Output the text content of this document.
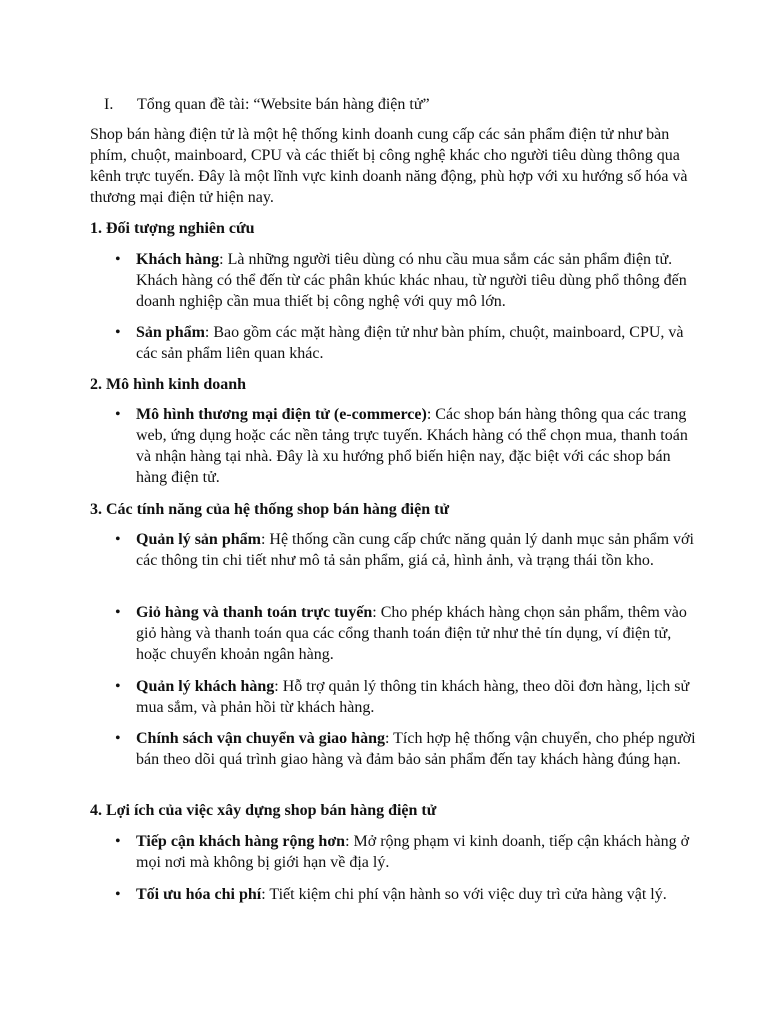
I. Tổng quan đề tài: “Website bán hàng điện tử”

Shop bán hàng điện tử là một hệ thống kinh doanh cung cấp các sản phẩm điện tử như bàn phím, chuột, mainboard, CPU và các thiết bị công nghệ khác cho người tiêu dùng thông qua kênh trực tuyến. Đây là một lĩnh vực kinh doanh năng động, phù hợp với xu hướng số hóa và thương mại điện tử hiện nay.

1. Đối tượng nghiên cứu

• Khách hàng: Là những người tiêu dùng có nhu cầu mua sắm các sản phẩm điện tử. Khách hàng có thể đến từ các phân khúc khác nhau, từ người tiêu dùng phổ thông đến doanh nghiệp cần mua thiết bị công nghệ với quy mô lớn.

• Sản phẩm: Bao gồm các mặt hàng điện tử như bàn phím, chuột, mainboard, CPU, và các sản phẩm liên quan khác.

2. Mô hình kinh doanh

• Mô hình thương mại điện tử (e-commerce): Các shop bán hàng thông qua các trang web, ứng dụng hoặc các nền tảng trực tuyến. Khách hàng có thể chọn mua, thanh toán và nhận hàng tại nhà. Đây là xu hướng phổ biến hiện nay, đặc biệt với các shop bán hàng điện tử.

3. Các tính năng của hệ thống shop bán hàng điện tử

• Quản lý sản phẩm: Hệ thống cần cung cấp chức năng quản lý danh mục sản phẩm với các thông tin chi tiết như mô tả sản phẩm, giá cả, hình ảnh, và trạng thái tồn kho.

• Giỏ hàng và thanh toán trực tuyến: Cho phép khách hàng chọn sản phẩm, thêm vào giỏ hàng và thanh toán qua các cổng thanh toán điện tử như thẻ tín dụng, ví điện tử, hoặc chuyển khoản ngân hàng.

• Quản lý khách hàng: Hỗ trợ quản lý thông tin khách hàng, theo dõi đơn hàng, lịch sử mua sắm, và phản hồi từ khách hàng.

• Chính sách vận chuyển và giao hàng: Tích hợp hệ thống vận chuyển, cho phép người bán theo dõi quá trình giao hàng và đảm bảo sản phẩm đến tay khách hàng đúng hạn.

4. Lợi ích của việc xây dựng shop bán hàng điện tử

• Tiếp cận khách hàng rộng hơn: Mở rộng phạm vi kinh doanh, tiếp cận khách hàng ở mọi nơi mà không bị giới hạn về địa lý.

• Tối ưu hóa chi phí: Tiết kiệm chi phí vận hành so với việc duy trì cửa hàng vật lý.
